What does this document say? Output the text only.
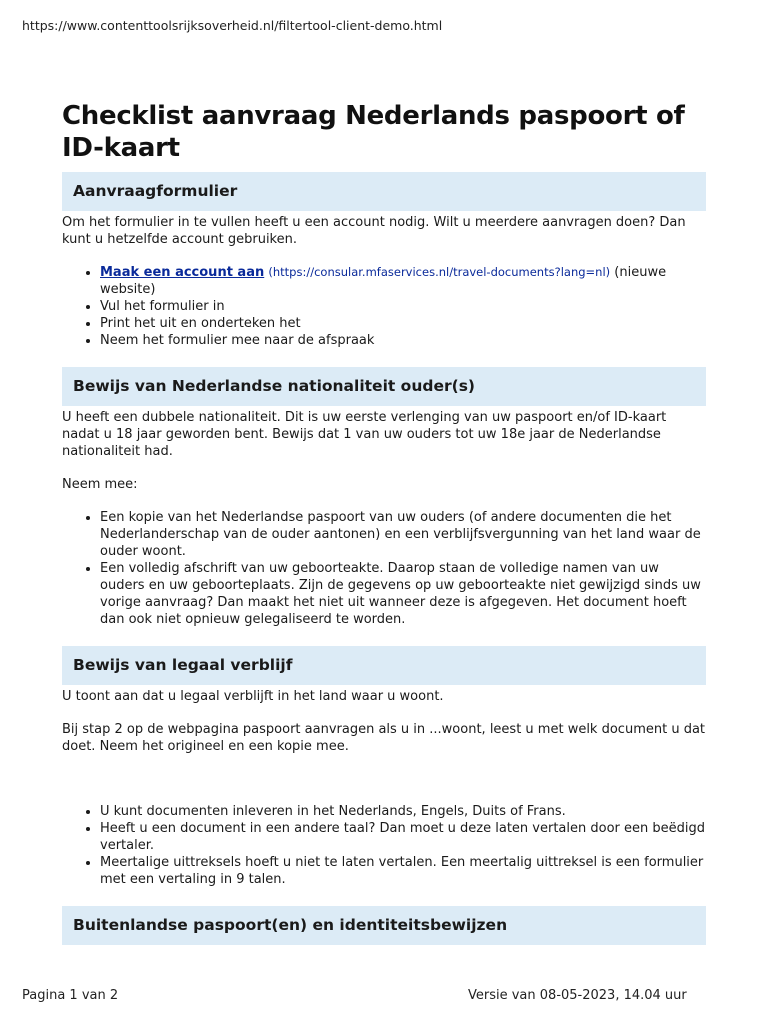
https://www.contenttoolsrijksoverheid.nl/filtertool-client-demo.html
Checklist aanvraag Nederlands paspoort of ID-kaart
Aanvraagformulier

Om het formulier in te vullen heeft u een account nodig. Wilt u meerdere aanvragen doen? Dan kunt u hetzelfde account gebruiken.

• Maak een account aan (https://consular.mfaservices.nl/travel-documents?lang=nl) (nieuwe website)
• Vul het formulier in
• Print het uit en onderteken het
• Neem het formulier mee naar de afspraak
Bewijs van Nederlandse nationaliteit ouder(s)

U heeft een dubbele nationaliteit. Dit is uw eerste verlenging van uw paspoort en/of ID-kaart nadat u 18 jaar geworden bent. Bewijs dat 1 van uw ouders tot uw 18e jaar de Nederlandse nationaliteit had.

Neem mee:

• Een kopie van het Nederlandse paspoort van uw ouders (of andere documenten die het Nederlanderschap van de ouder aantonen) en een verblijfsvergunning van het land waar de ouder woont.
• Een volledig afschrift van uw geboorteakte. Daarop staan de volledige namen van uw ouders en uw geboorteplaats. Zijn de gegevens op uw geboorteakte niet gewijzigd sinds uw vorige aanvraag? Dan maakt het niet uit wanneer deze is afgegeven. Het document hoeft dan ook niet opnieuw gelegaliseerd te worden.
Bewijs van legaal verblijf

U toont aan dat u legaal verblijft in het land waar u woont.

Bij stap 2 op de webpagina paspoort aanvragen als u in ...woont, leest u met welk document u dat doet. Neem het origineel en een kopie mee.

• U kunt documenten inleveren in het Nederlands, Engels, Duits of Frans.
• Heeft u een document in een andere taal? Dan moet u deze laten vertalen door een beëdigd vertaler.
• Meertalige uittreksels hoeft u niet te laten vertalen. Een meertalig uittreksel is een formulier met een vertaling in 9 talen.
Buitenlandse paspoort(en) en identiteitsbewijzen
Pagina 1 van 2	Versie van 08-05-2023, 14.04 uur
